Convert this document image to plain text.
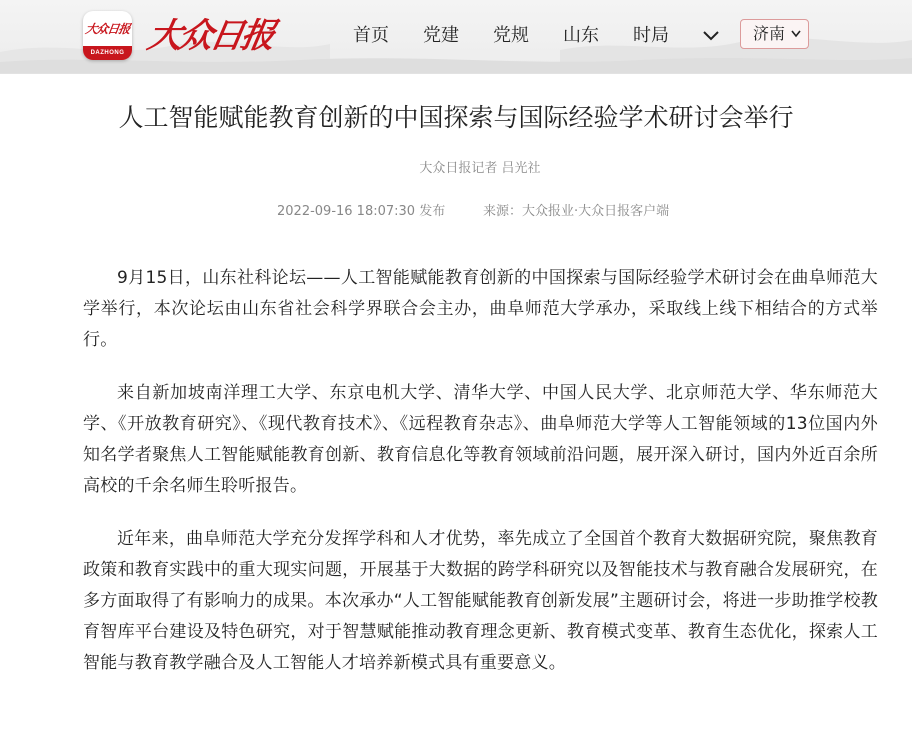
大众日报
DAZHONG 大众日报	首页 党建 党规 山东 时局	济南
人工智能赋能教育创新的中国探索与国际经验学术研讨会举行
大众日报记者 吕光社
2022-09-16 18:07:30 发布	来源：大众报业·大众日报客户端

9月15日，山东社科论坛——人工智能赋能教育创新的中国探索与国际经验学术研讨会在曲阜师范大学举行，本次论坛由山东省社会科学界联合会主办，曲阜师范大学承办，采取线上线下相结合的方式举行。

来自新加坡南洋理工大学、东京电机大学、清华大学、中国人民大学、北京师范大学、华东师范大学、《开放教育研究》、《现代教育技术》、《远程教育杂志》、曲阜师范大学等人工智能领域的13位国内外知名学者聚焦人工智能赋能教育创新、教育信息化等教育领域前沿问题，展开深入研讨，国内外近百余所高校的千余名师生聆听报告。

近年来，曲阜师范大学充分发挥学科和人才优势，率先成立了全国首个教育大数据研究院，聚焦教育政策和教育实践中的重大现实问题，开展基于大数据的跨学科研究以及智能技术与教育融合发展研究，在多方面取得了有影响力的成果。本次承办“人工智能赋能教育创新发展”主题研讨会，将进一步助推学校教育智库平台建设及特色研究，对于智慧赋能推动教育理念更新、教育模式变革、教育生态优化，探索人工智能与教育教学融合及人工智能人才培养新模式具有重要意义。
